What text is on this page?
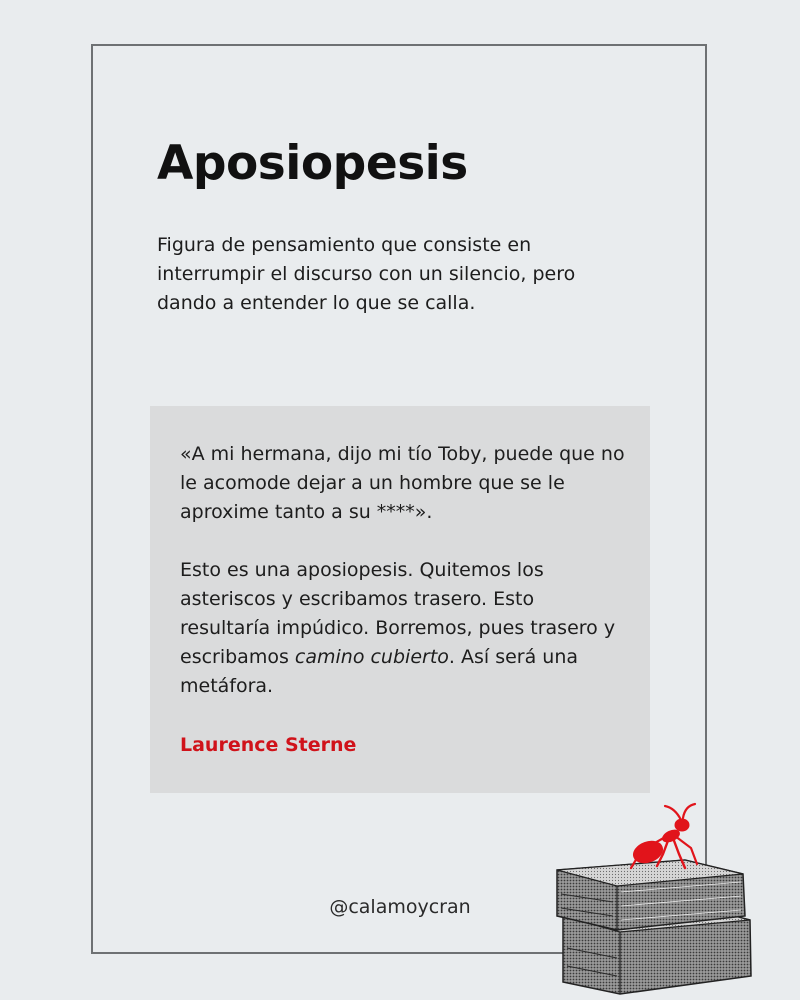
Aposiopesis

Figura de pensamiento que consiste en interrumpir el discurso con un silencio, pero dando a entender lo que se calla.

«A mi hermana, dijo mi tío Toby, puede que no le acomode dejar a un hombre que se le aproxime tanto a su ****».

Esto es una aposiopesis. Quitemos los asteriscos y escribamos trasero. Esto resultaría impúdico. Borremos, pues trasero y escribamos camino cubierto. Así será una metáfora.

Laurence Sterne

@calamoycran
